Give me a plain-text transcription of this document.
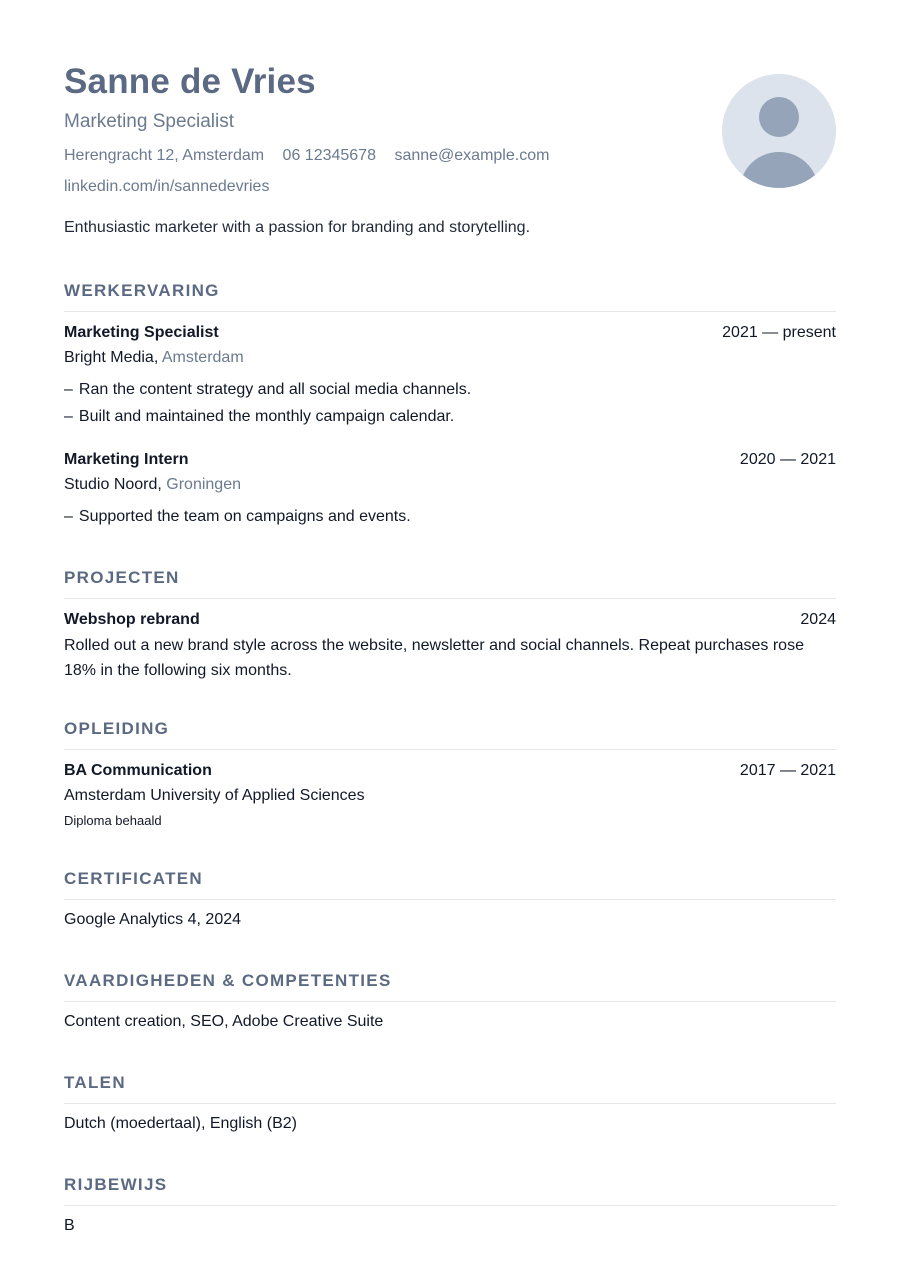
Sanne de Vries
Marketing Specialist
Herengracht 12, Amsterdam 06 12345678 sanne@example.com
linkedin.com/in/sannedevries
Enthusiastic marketer with a passion for branding and storytelling.
WERKERVARING
Marketing Specialist	2021 — present
Bright Media, Amsterdam
– Ran the content strategy and all social media channels.
– Built and maintained the monthly campaign calendar.
Marketing Intern	2020 — 2021
Studio Noord, Groningen
– Supported the team on campaigns and events.
PROJECTEN
Webshop rebrand	2024
Rolled out a new brand style across the website, newsletter and social channels. Repeat purchases rose 18% in the following six months.
OPLEIDING
BA Communication	2017 — 2021
Amsterdam University of Applied Sciences
Diploma behaald
CERTIFICATEN
Google Analytics 4, 2024
VAARDIGHEDEN & COMPETENTIES
Content creation, SEO, Adobe Creative Suite
TALEN
Dutch (moedertaal), English (B2)
RIJBEWIJS
B
